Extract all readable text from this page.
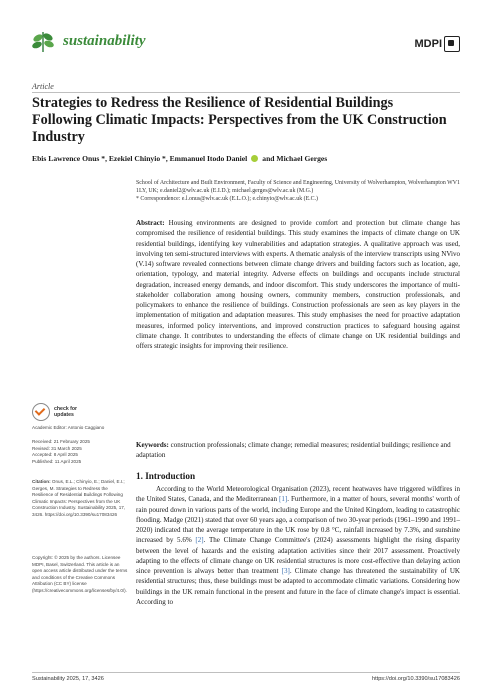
sustainability	MDPI
Article
Strategies to Redress the Resilience of Residential Buildings Following Climatic Impacts: Perspectives from the UK Construction Industry
Ebis Lawrence Onus *, Ezekiel Chinyio *, Emmanuel Itodo Daniel and Michael Gerges
School of Architecture and Built Environment, Faculty of Science and Engineering, University of Wolverhampton, Wolverhampton WV1 1LY, UK; e.daniel2@wlv.ac.uk (E.I.D.); michael.gerges@wlv.ac.uk (M.G.)
* Correspondence: e.l.onus@wlv.ac.uk (E.L.O.); e.chinyio@wlv.ac.uk (E.C.)
Abstract: Housing environments are designed to provide comfort and protection but climate change has compromised the resilience of residential buildings. This study examines the impacts of climate change on UK residential buildings, identifying key vulnerabilities and adaptation strategies. A qualitative approach was used, involving ten semi-structured interviews with experts. A thematic analysis of the interview transcripts using NVivo (V.14) software revealed connections between climate change drivers and building factors such as location, age, orientation, typology, and material integrity. Adverse effects on buildings and occupants include structural degradation, increased energy demands, and indoor discomfort. This study underscores the importance of multi-stakeholder collaboration among housing owners, community members, construction professionals, and policymakers to enhance the resilience of buildings. Construction professionals are seen as key players in the implementation of mitigation and adaptation measures. This study emphasises the need for proactive adaptation measures, informed policy interventions, and improved construction practices to safeguard housing against climate change. It contributes to understanding the effects of climate change on UK residential buildings and offers strategic insights for improving their resilience.
Keywords: construction professionals; climate change; remedial measures; residential buildings; resilience and adaptation
check for
updates
Academic Editor: Antonio Caggiano
Received: 21 February 2025
Revised: 31 March 2025
Accepted: 8 April 2025
Published: 11 April 2025
Citation: Onus, E.L.; Chinyio, E.; Daniel, E.I.; Gerges, M. Strategies to Redress the Resilience of Residential Buildings Following Climatic Impacts: Perspectives from the UK Construction Industry. Sustainability 2025, 17, 3426. https://doi.org/10.3390/su17083426
Copyright: © 2025 by the authors. Licensee MDPI, Basel, Switzerland. This article is an open access article distributed under the terms and conditions of the Creative Commons Attribution (CC BY) license (https://creativecommons.org/licenses/by/4.0/).
1. Introduction
According to the World Meteorological Organisation (2023), recent heatwaves have triggered wildfires in the United States, Canada, and the Mediterranean [1]. Furthermore, in a matter of hours, several months' worth of rain poured down in various parts of the world, including Europe and the United Kingdom, leading to catastrophic flooding. Madge (2021) stated that over 60 years ago, a comparison of two 30-year periods (1961–1990 and 1991–2020) indicated that the average temperature in the UK rose by 0.8 °C, rainfall increased by 7.3%, and sunshine increased by 5.6% [2]. The Climate Change Committee's (2024) assessments highlight the rising disparity between the level of hazards and the existing adaptation activities since their 2017 assessment. Proactively adapting to the effects of climate change on UK residential structures is more cost-effective than delaying action since prevention is always better than treatment [3]. Climate change has threatened the sustainability of UK residential structures; thus, these buildings must be adapted to accommodate climatic variations. Considering how buildings in the UK remain functional in the present and future in the face of climate change's impact is essential. According to
Sustainability 2025, 17, 3426	https://doi.org/10.3390/su17083426
